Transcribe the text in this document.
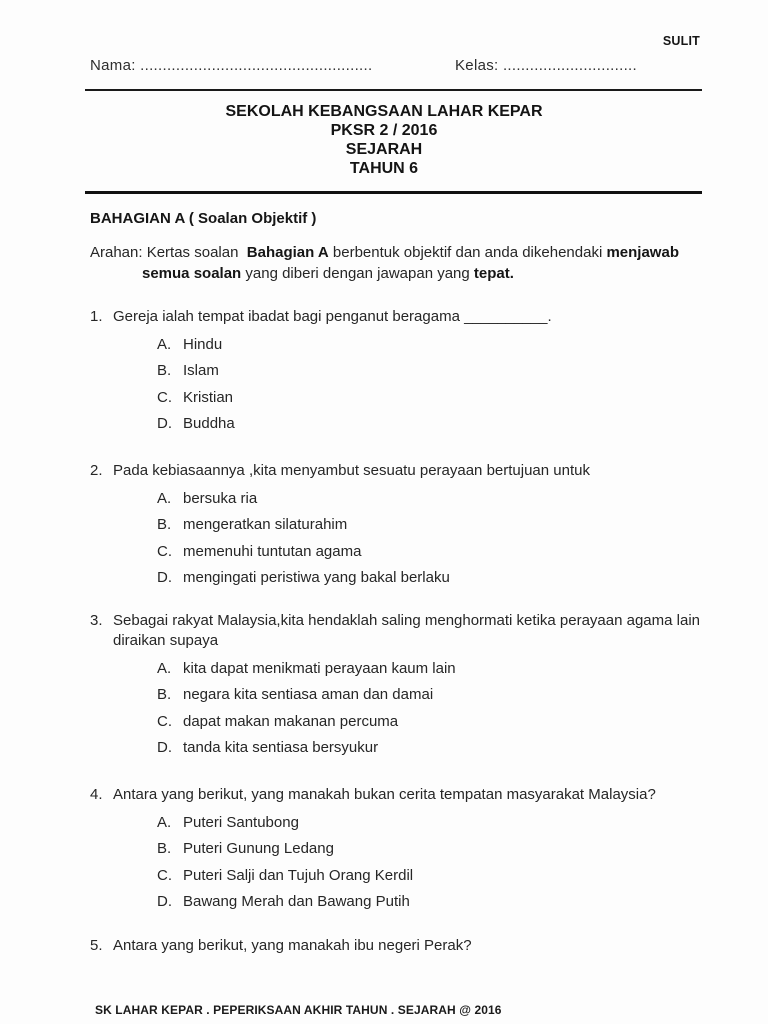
SULIT
Nama: ....................................................	Kelas: ..............................
SEKOLAH KEBANGSAAN LAHAR KEPAR
PKSR 2 / 2016
SEJARAH
TAHUN 6
BAHAGIAN A ( Soalan Objektif )
Arahan: Kertas soalan  Bahagian A berbentuk objektif dan anda dikehendaki menjawab
semua soalan yang diberi dengan jawapan yang tepat.
1. Gereja ialah tempat ibadat bagi penganut beragama __________.
A. Hindu
B. Islam
C. Kristian
D. Buddha
2. Pada kebiasaannya ,kita menyambut sesuatu perayaan bertujuan untuk
A. bersuka ria
B. mengeratkan silaturahim
C. memenuhi tuntutan agama
D. mengingati peristiwa yang bakal berlaku
3. Sebagai rakyat Malaysia,kita hendaklah saling menghormati ketika perayaan agama lain diraikan supaya
A. kita dapat menikmati perayaan kaum lain
B. negara kita sentiasa aman dan damai
C. dapat makan makanan percuma
D. tanda kita sentiasa bersyukur
4. Antara yang berikut, yang manakah bukan cerita tempatan masyarakat Malaysia?
A. Puteri Santubong
B. Puteri Gunung Ledang
C. Puteri Salji dan Tujuh Orang Kerdil
D. Bawang Merah dan Bawang Putih
5. Antara yang berikut, yang manakah ibu negeri Perak?
SK LAHAR KEPAR . PEPERIKSAAN AKHIR TAHUN . SEJARAH @ 2016
